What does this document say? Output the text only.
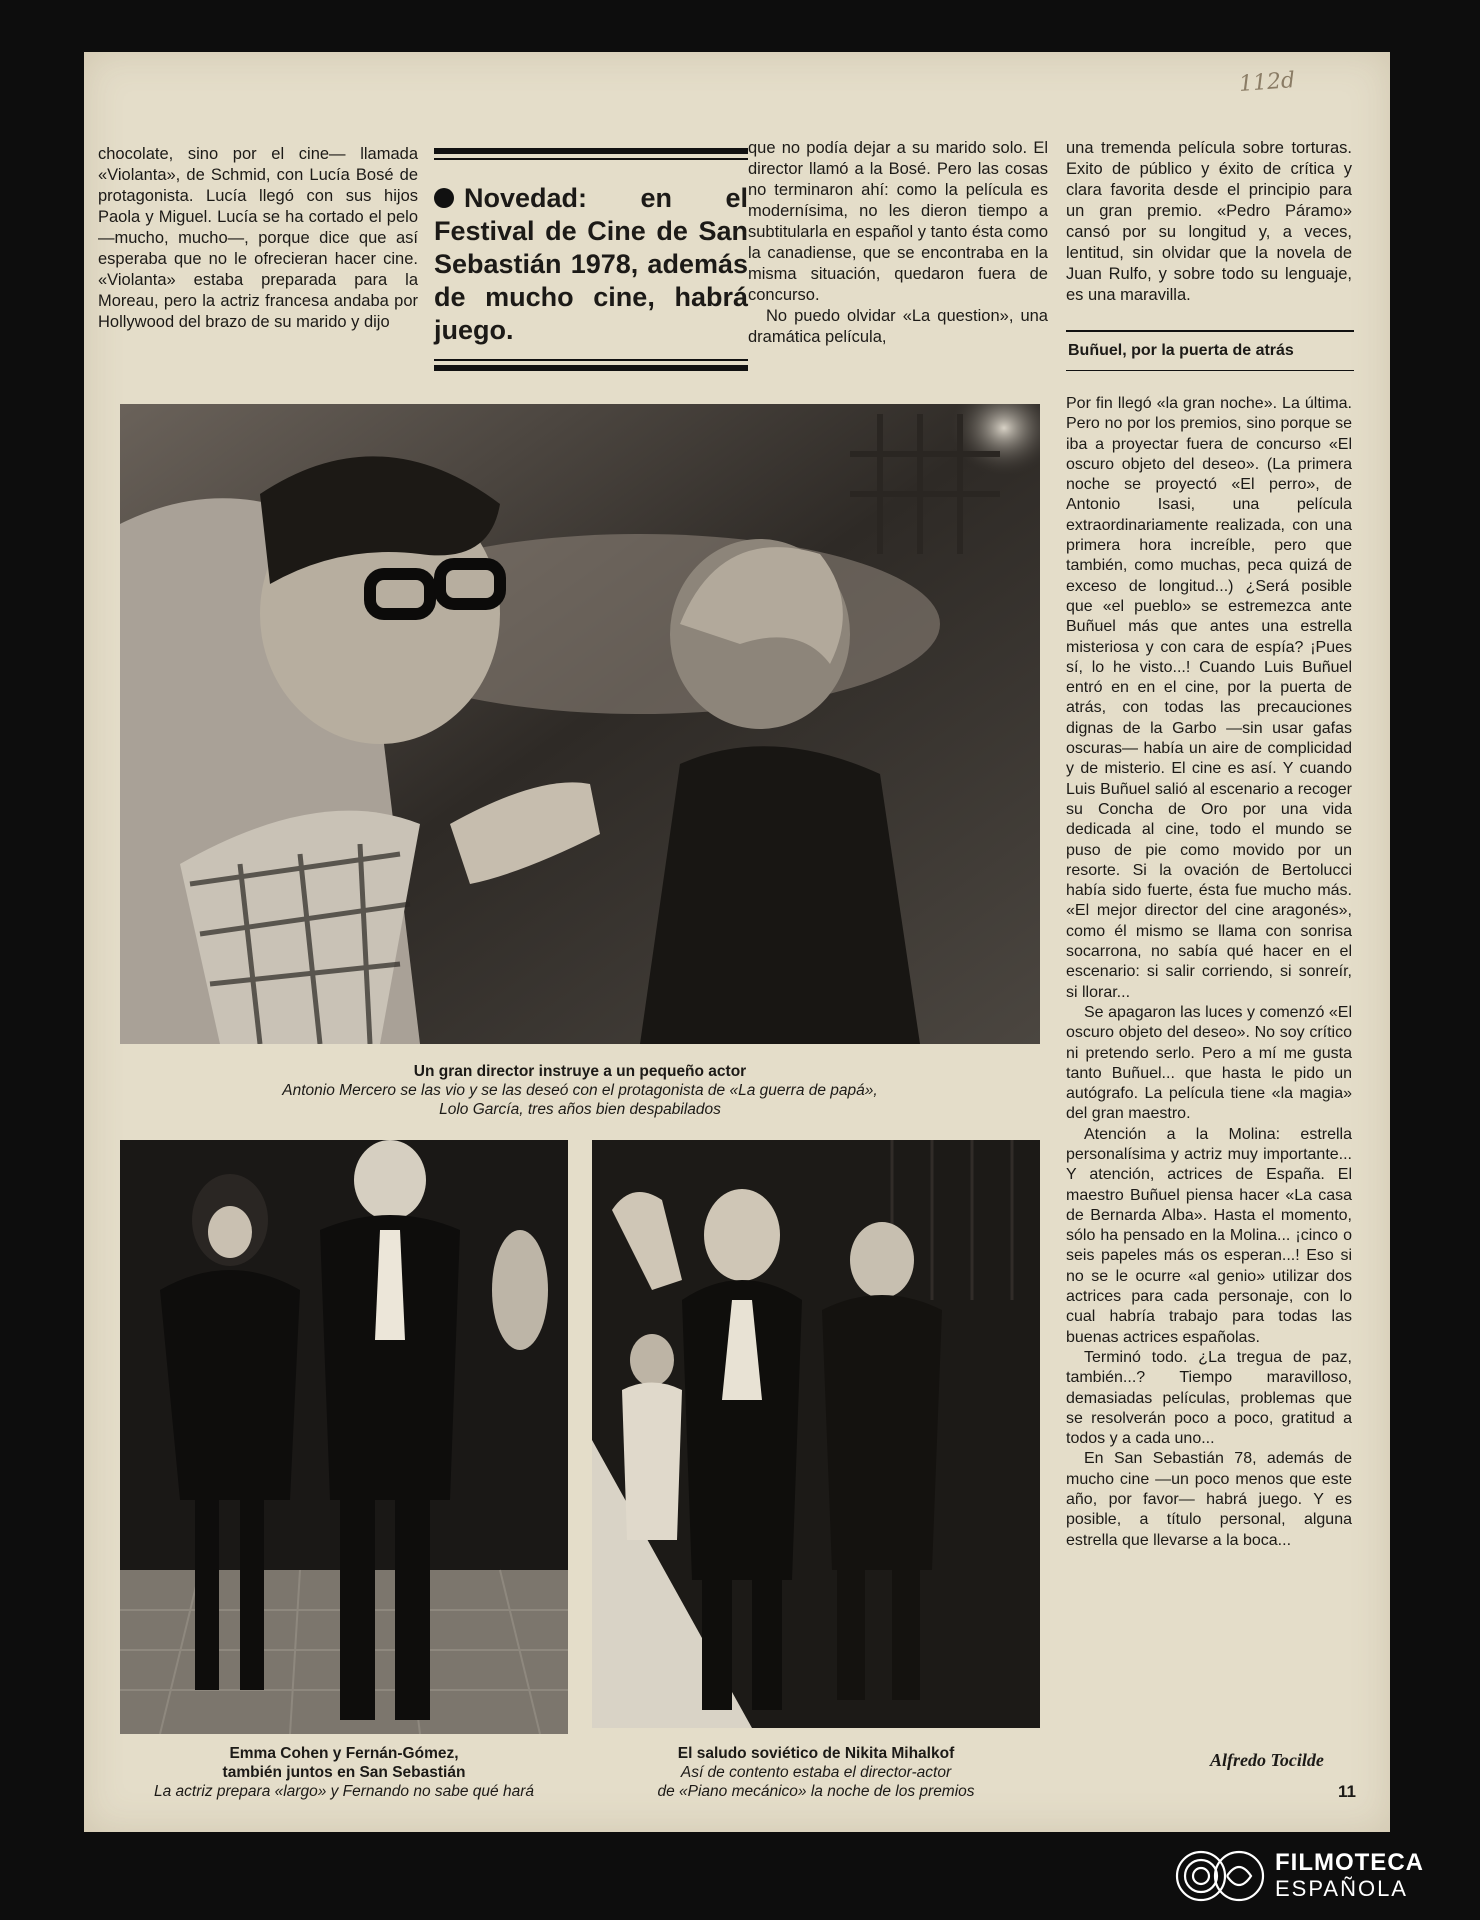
112d

chocolate, sino por el cine— llamada «Violanta», de Schmid, con Lucía Bosé de protagonista. Lucía llegó con sus hijos Paola y Miguel. Lucía se ha cortado el pelo —mucho, mucho—, porque dice que así esperaba que no le ofrecieran hacer cine. «Violanta» estaba preparada para la Moreau, pero la actriz francesa andaba por Hollywood del brazo de su marido y dijo

Novedad: en el Festival de Cine de San Sebastián 1978, además de mucho cine, habrá juego.

que no podía dejar a su marido solo. El director llamó a la Bosé. Pero las cosas no terminaron ahí: como la película es modernísima, no les dieron tiempo a subtitularla en español y tanto ésta como la canadiense, que se encontraba en la misma situación, quedaron fuera de concurso.

No puedo olvidar «La question», una dramática película,

una tremenda película sobre torturas. Exito de público y éxito de crítica y clara favorita desde el principio para un gran premio. «Pedro Páramo» cansó por su longitud y, a veces, lentitud, sin olvidar que la novela de Juan Rulfo, y sobre todo su lenguaje, es una maravilla.

Buñuel, por la puerta de atrás

Por fin llegó «la gran noche». La última. Pero no por los premios, sino porque se iba a proyectar fuera de concurso «El oscuro objeto del deseo». (La primera noche se proyectó «El perro», de Antonio Isasi, una película extraordinariamente realizada, con una primera hora increíble, pero que también, como muchas, peca quizá de exceso de longitud...) ¿Será posible que «el pueblo» se estremezca ante Buñuel más que antes una estrella misteriosa y con cara de espía? ¡Pues sí, lo he visto...! Cuando Luis Buñuel entró en en el cine, por la puerta de atrás, con todas las precauciones dignas de la Garbo —sin usar gafas oscuras— había un aire de complicidad y de misterio. El cine es así. Y cuando Luis Buñuel salió al escenario a recoger su Concha de Oro por una vida dedicada al cine, todo el mundo se puso de pie como movido por un resorte. Si la ovación de Bertolucci había sido fuerte, ésta fue mucho más. «El mejor director del cine aragonés», como él mismo se llama con sonrisa socarrona, no sabía qué hacer en el escenario: si salir corriendo, si sonreír, si llorar...

Se apagaron las luces y comenzó «El oscuro objeto del deseo». No soy crítico ni pretendo serlo. Pero a mí me gusta tanto Buñuel... que hasta le pido un autógrafo. La película tiene «la magia» del gran maestro.

Atención a la Molina: estrella personalísima y actriz muy importante... Y atención, actrices de España. El maestro Buñuel piensa hacer «La casa de Bernarda Alba». Hasta el momento, sólo ha pensado en la Molina... ¡cinco o seis papeles más os esperan...! Eso si no se le ocurre «al genio» utilizar dos actrices para cada personaje, con lo cual habría trabajo para todas las buenas actrices españolas.

Terminó todo. ¿La tregua de paz, también...? Tiempo maravilloso, demasiadas películas, problemas que se resolverán poco a poco, gratitud a todos y a cada uno...

En San Sebastián 78, además de mucho cine —un poco menos que este año, por favor— habrá juego. Y es posible, a título personal, alguna estrella que llevarse a la boca...

Un gran director instruye a un pequeño actor
Antonio Mercero se las vio y se las deseó con el protagonista de «La guerra de papá»,
Lolo García, tres años bien despabilados
Emma Cohen y Fernán-Gómez,
también juntos en San Sebastián
La actriz prepara «largo» y Fernando no sabe qué hará
El saludo soviético de Nikita Mihalkof
Así de contento estaba el director-actor
de «Piano mecánico» la noche de los premios
Alfredo Tocilde
11
FILMOTECA
ESPAÑOLA
